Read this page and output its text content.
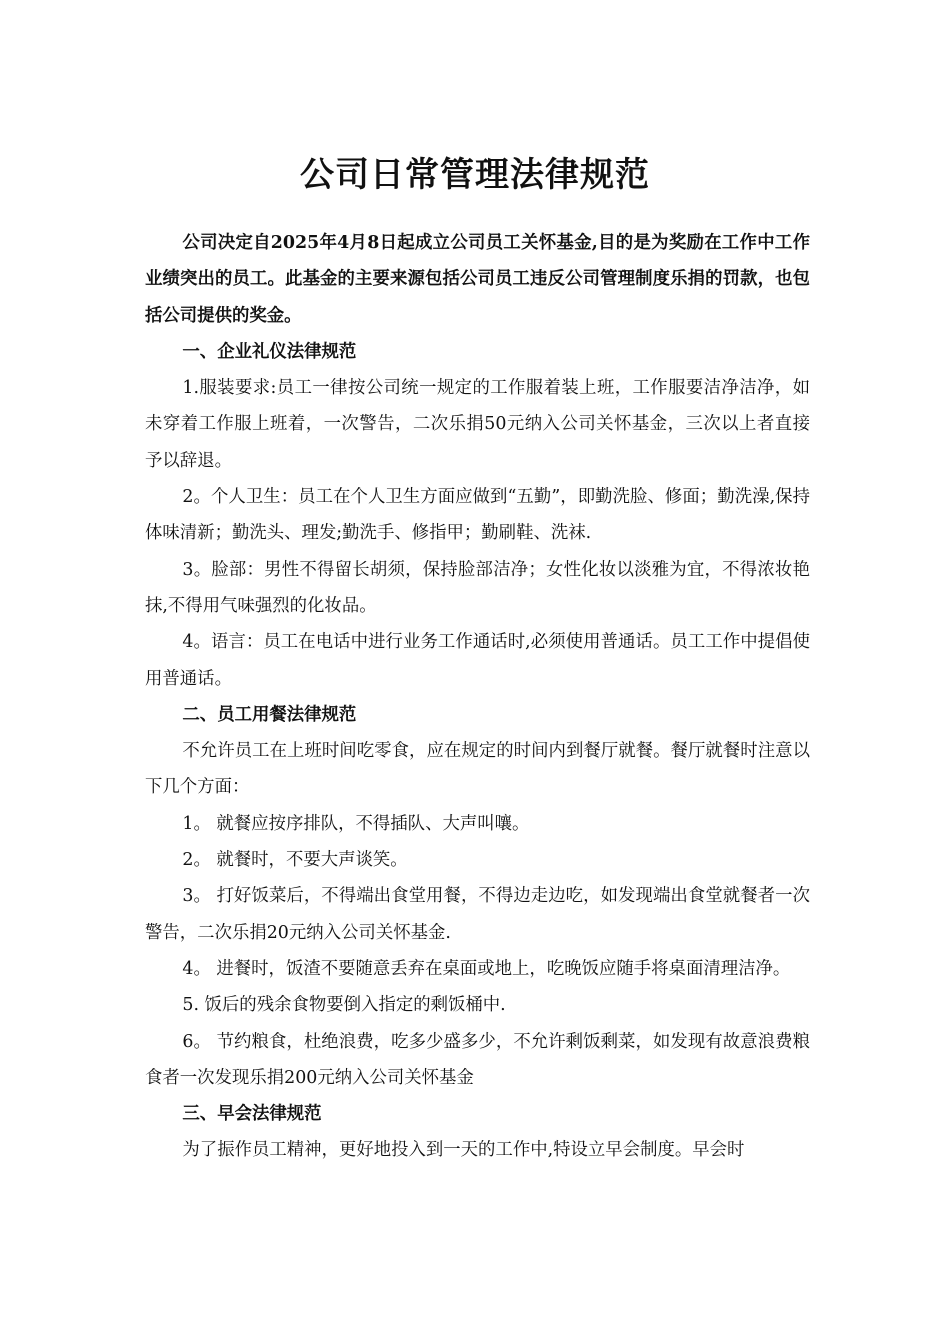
公司日常管理法律规范

公司决定自2025年4月8日起成立公司员工关怀基金,目的是为奖励在工作中工作业绩突出的员工。此基金的主要来源包括公司员工违反公司管理制度乐捐的罚款，也包括公司提供的奖金。

一、企业礼仪法律规范

1.服装要求:员工一律按公司统一规定的工作服着装上班，工作服要洁净洁净，如未穿着工作服上班着，一次警告，二次乐捐50元纳入公司关怀基金，三次以上者直接予以辞退。

2。个人卫生：员工在个人卫生方面应做到“五勤”，即勤洗脸、修面；勤洗澡,保持体味清新；勤洗头、理发;勤洗手、修指甲；勤刷鞋、洗袜.

3。脸部：男性不得留长胡须，保持脸部洁净；女性化妆以淡雅为宜，不得浓妆艳抹,不得用气味强烈的化妆品。

4。语言：员工在电话中进行业务工作通话时,必须使用普通话。员工工作中提倡使用普通话。

二、员工用餐法律规范

不允许员工在上班时间吃零食，应在规定的时间内到餐厅就餐。餐厅就餐时注意以下几个方面：

1。 就餐应按序排队，不得插队、大声叫嚷。

2。 就餐时，不要大声谈笑。

3。 打好饭菜后，不得端出食堂用餐，不得边走边吃，如发现端出食堂就餐者一次警告，二次乐捐20元纳入公司关怀基金.

4。 进餐时，饭渣不要随意丢弃在桌面或地上，吃晚饭应随手将桌面清理洁净。

5. 饭后的残余食物要倒入指定的剩饭桶中.

6。 节约粮食，杜绝浪费，吃多少盛多少，不允许剩饭剩菜，如发现有故意浪费粮食者一次发现乐捐200元纳入公司关怀基金

三、早会法律规范

为了振作员工精神，更好地投入到一天的工作中,特设立早会制度。早会时
